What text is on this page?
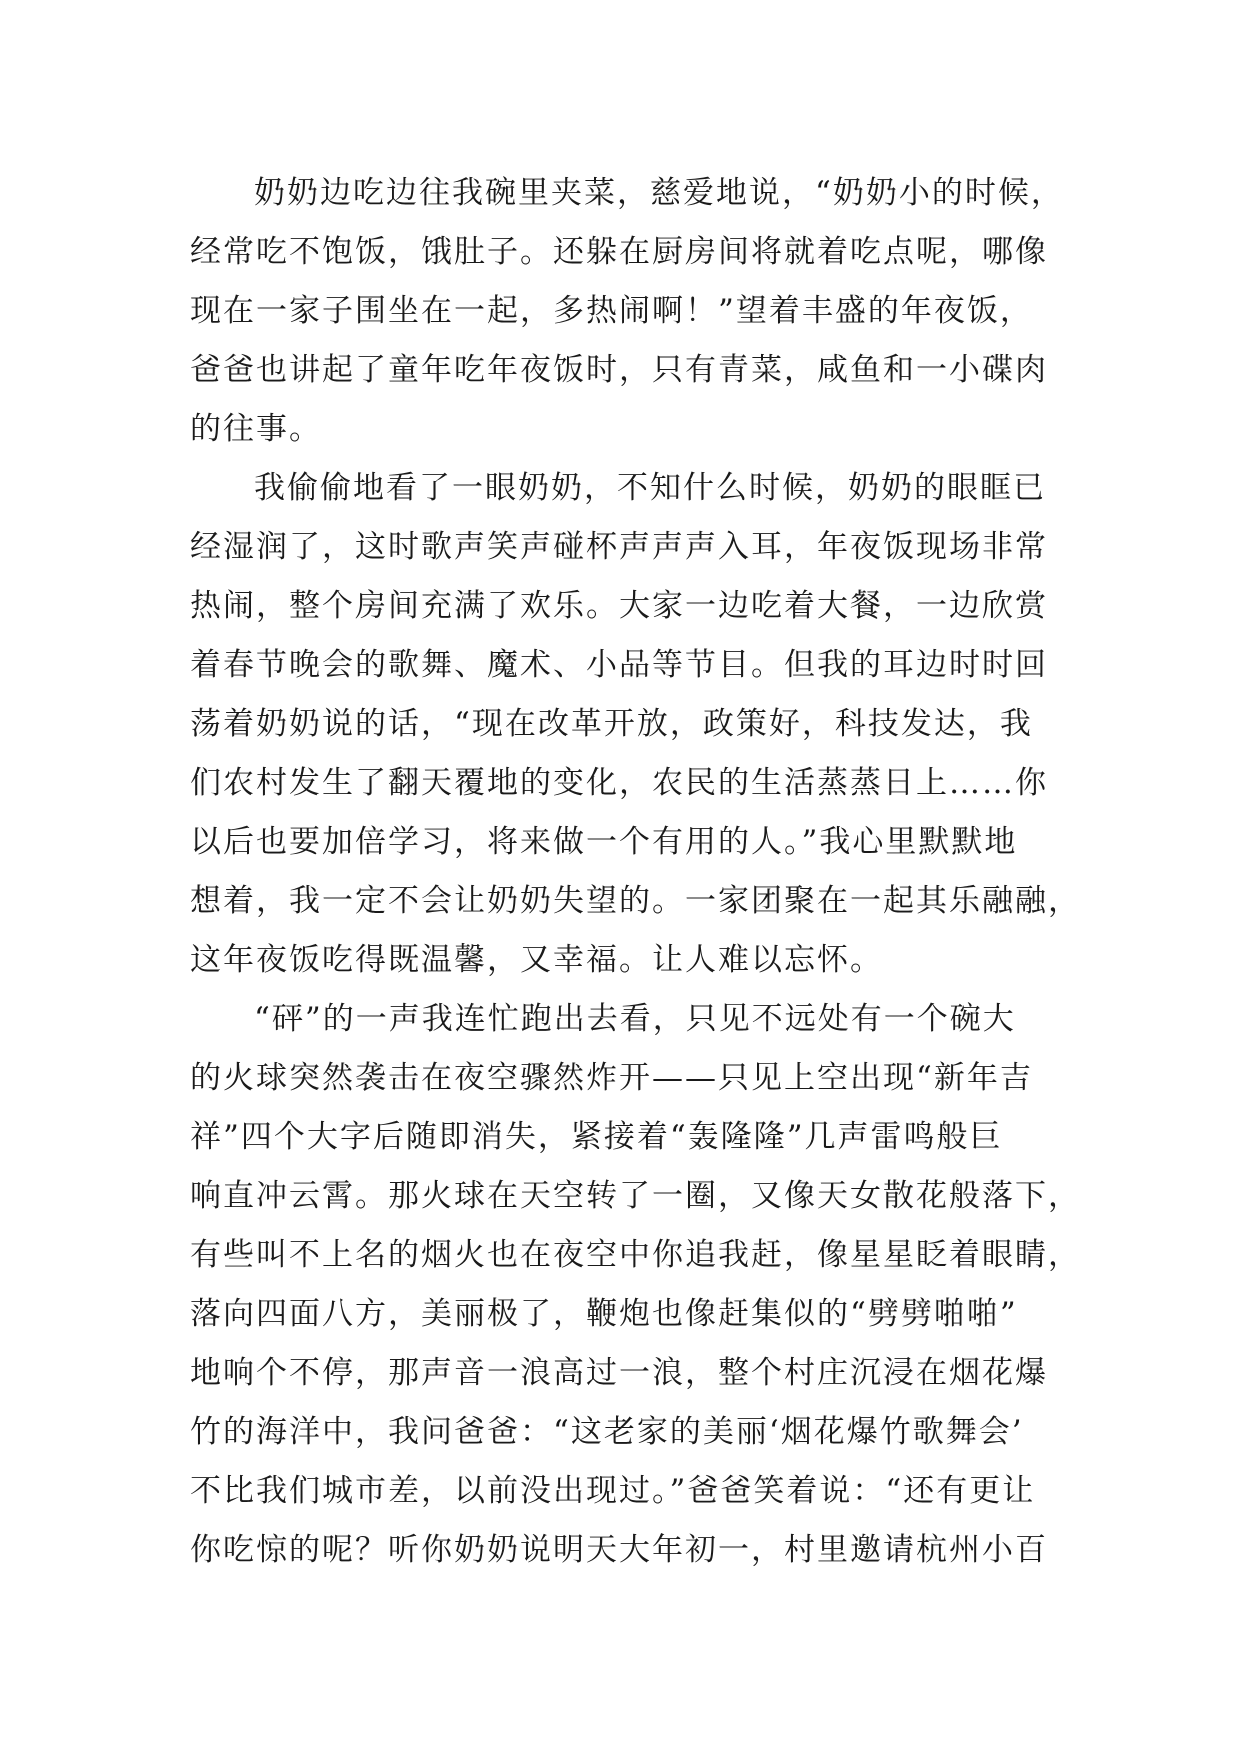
奶奶边吃边往我碗里夹菜，慈爱地说，“奶奶小的时候，
经常吃不饱饭，饿肚子。还躲在厨房间将就着吃点呢，哪像
现在一家子围坐在一起，多热闹啊！”望着丰盛的年夜饭，
爸爸也讲起了童年吃年夜饭时，只有青菜，咸鱼和一小碟肉
的往事。
我偷偷地看了一眼奶奶，不知什么时候，奶奶的眼眶已
经湿润了，这时歌声笑声碰杯声声声入耳，年夜饭现场非常
热闹，整个房间充满了欢乐。大家一边吃着大餐，一边欣赏
着春节晚会的歌舞、魔术、小品等节目。但我的耳边时时回
荡着奶奶说的话，“现在改革开放，政策好，科技发达，我
们农村发生了翻天覆地的变化，农民的生活蒸蒸日上……你
以后也要加倍学习，将来做一个有用的人。”我心里默默地
想着，我一定不会让奶奶失望的。一家团聚在一起其乐融融，
这年夜饭吃得既温馨，又幸福。让人难以忘怀。
“砰”的一声我连忙跑出去看，只见不远处有一个碗大
的火球突然袭击在夜空骤然炸开——只见上空出现“新年吉
祥”四个大字后随即消失，紧接着“轰隆隆”几声雷鸣般巨
响直冲云霄。那火球在天空转了一圈，又像天女散花般落下，
有些叫不上名的烟火也在夜空中你追我赶，像星星眨着眼睛，
落向四面八方，美丽极了，鞭炮也像赶集似的“劈劈啪啪”
地响个不停，那声音一浪高过一浪，整个村庄沉浸在烟花爆
竹的海洋中，我问爸爸：“这老家的美丽‘烟花爆竹歌舞会’
不比我们城市差，以前没出现过。”爸爸笑着说：“还有更让
你吃惊的呢？听你奶奶说明天大年初一，村里邀请杭州小百
